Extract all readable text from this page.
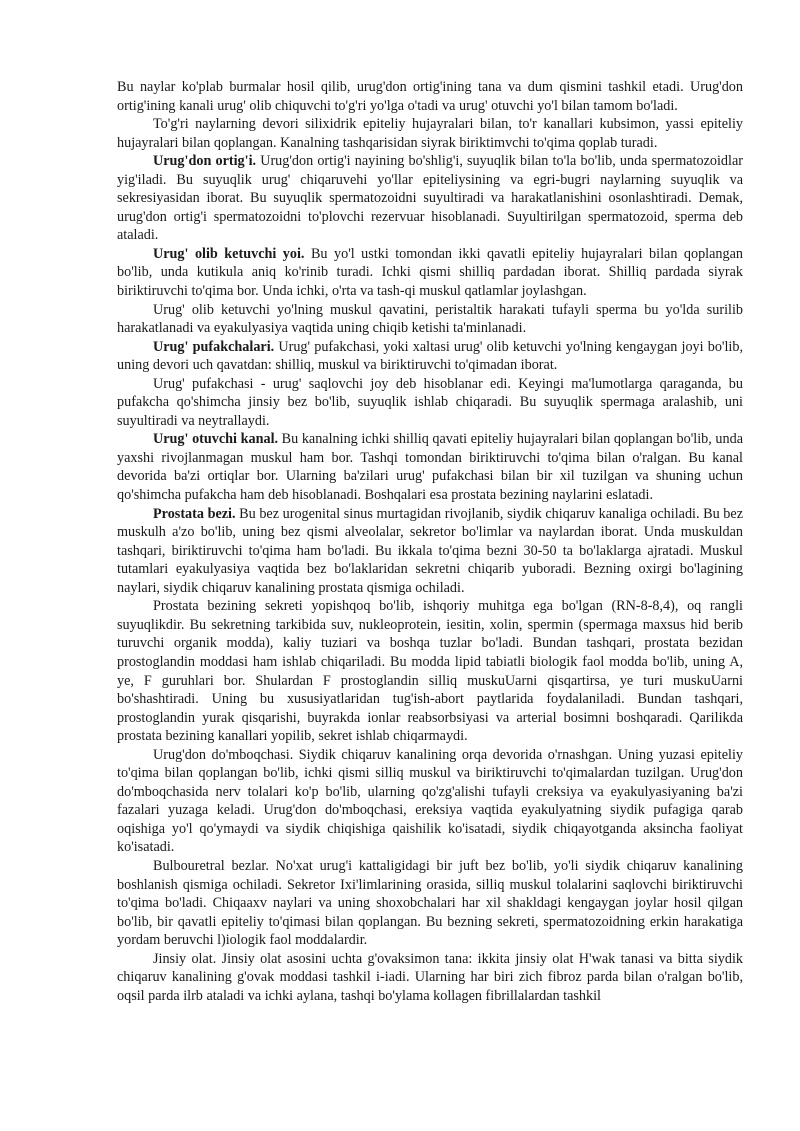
Bu naylar ko'plab burmalar hosil qilib, urug'don ortig'ining tana va dum qismini tashkil etadi. Urug'don ortig'ining kanali urug' olib chiquvchi to'g'ri yo'lga o'tadi va urug' otuvchi yo'l bilan tamom bo'ladi.

To'g'ri naylarning devori silixidrik epiteliy hujayralari bilan, to'r kanallari kubsimon, yassi epiteliy hujayralari bilan qoplangan. Kanalning tashqarisidan siyrak biriktimvchi to'qima qoplab turadi.

Urug'don ortig'i. Urug'don ortig'i nayining bo'shlig'i, suyuqlik bilan to'la bo'lib, unda spermatozoidlar yig'iladi. Bu suyuqlik urug' chiqaruvehi yo'llar epiteliysining va egri-bugri naylarning suyuqlik va sekresiyasidan iborat. Bu suyuqlik spermatozoidni suyultiradi va harakatlanishini osonlashtiradi. Demak, urug'don ortig'i spermatozoidni to'plovchi rezervuar hisoblanadi. Suyultirilgan spermatozoid, sperma deb ataladi.

Urug' olib ketuvchi yoi. Bu yo'l ustki tomondan ikki qavatli epiteliy hujayralari bilan qoplangan bo'lib, unda kutikula aniq ko'rinib turadi. Ichki qismi shilliq pardadan iborat. Shilliq pardada siyrak biriktiruvchi to'qima bor. Unda ichki, o'rta va tash-qi muskul qatlamlar joylashgan.

Urug' olib ketuvchi yo'lning muskul qavatini, peristaltik harakati tufayli sperma bu yo'lda surilib harakatlanadi va eyakulyasiya vaqtida uning chiqib ketishi ta'minlanadi.

Urug' pufakchalari. Urug' pufakchasi, yoki xaltasi urug' olib ketuvchi yo'lning kengaygan joyi bo'lib, uning devori uch qavatdan: shilliq, muskul va biriktiruvchi to'qimadan iborat.

Urug' pufakchasi - urug' saqlovchi joy deb hisoblanar edi. Keyingi ma'lumotlarga qaraganda, bu pufakcha qo'shimcha jinsiy bez bo'lib, suyuqlik ishlab chiqaradi. Bu suyuqlik spermaga aralashib, uni suyultiradi va neytrallaydi.

Urug' otuvchi kanal. Bu kanalning ichki shilliq qavati epiteliy hujayralari bilan qoplangan bo'lib, unda yaxshi rivojlanmagan muskul ham bor. Tashqi tomondan biriktiruvchi to'qima bilan o'ralgan. Bu kanal devorida ba'zi ortiqlar bor. Ularning ba'zilari urug' pufakchasi bilan bir xil tuzilgan va shuning uchun qo'shimcha pufakcha ham deb hisoblanadi. Boshqalari esa prostata bezining naylarini eslatadi.

Prostata bezi. Bu bez urogenital sinus murtagidan rivojlanib, siydik chiqaruv kanaliga ochiladi. Bu bez muskulh a'zo bo'lib, uning bez qismi alveolalar, sekretor bo'limlar va naylardan iborat. Unda muskuldan tashqari, biriktiruvchi to'qima ham bo'ladi. Bu ikkala to'qima bezni 30-50 ta bo'laklarga ajratadi. Muskul tutamlari eyakulyasiya vaqtida bez bo'laklaridan sekretni chiqarib yuboradi. Bezning oxirgi bo'lagining naylari, siydik chiqaruv kanalining prostata qismiga ochiladi.

Prostata bezining sekreti yopishqoq bo'lib, ishqoriy muhitga ega bo'lgan (RN-8-8,4), oq rangli suyuqlikdir. Bu sekretning tarkibida suv, nukleoprotein, iesitin, xolin, spermin (spermaga maxsus hid berib turuvchi organik modda), kaliy tuziari va boshqa tuzlar bo'ladi. Bundan tashqari, prostata bezidan prostoglandin moddasi ham ishlab chiqariladi. Bu modda lipid tabiatli biologik faol modda bo'lib, uning A, ye, F guruhlari bor. Shulardan F prostoglandin silliq muskuUarni qisqartirsa, ye turi muskuUarni bo'shashtiradi. Uning bu xususiyatlaridan tug'ish-abort paytlarida foydalaniladi. Bundan tashqari, prostoglandin yurak qisqarishi, buyrakda ionlar reabsorbsiyasi va arterial bosimni boshqaradi. Qarilikda prostata bezining kanallari yopilib, sekret ishlab chiqarmaydi.

Urug'don do'mboqchasi. Siydik chiqaruv kanalining orqa devorida o'rnashgan. Uning yuzasi epiteliy to'qima bilan qoplangan bo'lib, ichki qismi silliq muskul va biriktiruvchi to'qimalardan tuzilgan. Urug'don do'mboqchasida nerv tolalari ko'p bo'lib, ularning qo'zg'alishi tufayli creksiya va eyakulyasiyaning ba'zi fazalari yuzaga keladi. Urug'don do'mboqchasi, ereksiya vaqtida eyakulyatning siydik pufagiga qarab oqishiga yo'l qo'ymaydi va siydik chiqishiga qaishilik ko'isatadi, siydik chiqayotganda aksincha faoliyat ko'isatadi.

Bulbouretral bezlar. No'xat urug'i kattaligidagi bir juft bez bo'lib, yo'li siydik chiqaruv kanalining boshlanish qismiga ochiladi. Sekretor Ixi'limlarining orasida, silliq muskul tolalarini saqlovchi biriktiruvchi to'qima bo'ladi. Chiqaaxv naylari va uning shoxobchalari har xil shakldagi kengaygan joylar hosil qilgan bo'lib, bir qavatli epiteliy to'qimasi bilan qoplangan. Bu bezning sekreti, spermatozoidning erkin harakatiga yordam beruvchi l)iologik faol moddalardir.

Jinsiy olat. Jinsiy olat asosini uchta g'ovaksimon tana: ikkita jinsiy olat H'wak tanasi va bitta siydik chiqaruv kanalining g'ovak moddasi tashkil i-iadi. Ularning har biri zich fibroz parda bilan o'ralgan bo'lib, oqsil parda ilrb ataladi va ichki aylana, tashqi bo'ylama kollagen fibrillalardan tashkil
